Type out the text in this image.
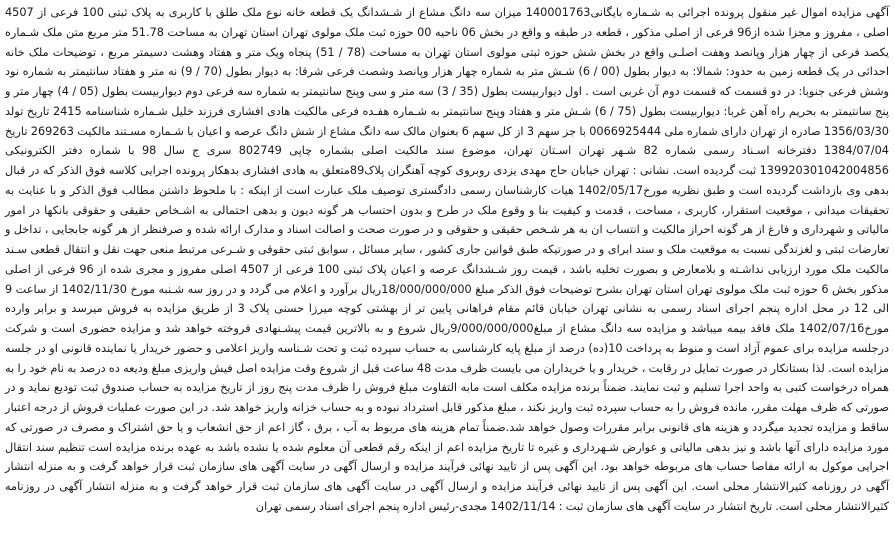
آگهی مزایده اموال غیر منقول پرونده اجرائی به شـماره بایگانی140001763 میزان سه دانگ مشاع از شـشدانگ یک قطعه خانه نوع ملک طلق با کاربری به پلاک ثبتی 100 فرعی از 4507 اصلی ، مفروز و مجزا شده از96 فرعی از اصلی مذکور ، قطعه در طبقه و واقع در بخش 06 ناحیه 00 حوزه ثبت ملک مولوی تهران استان تهران به مساحت 51.78 متر مربع متن ملک شـماره یکصد فرعی از چهار هزار وپانصد وهفت اصلـی واقع در بخش شش حوزه ثبتی مولوی استان تهران به مساحت (78 / 51) پنجاه ویک متر و هفتاد وهشت دسیمتر مربع ، توضیحات ملک خانه احداثی در یک قطعه زمین به حدود: شمالا: به دیوار بطول (00 / 6) شـش متر به شماره چهار هزار وپانصد وشصت فرعی شرقا: به دیوار بطول (70 / 9) نه متر و هفتاد سانتیمتر به شماره نود وشش فرعی جنوبا: در دو قسمت که قسمت دوم آن غربی است . اول دیواربیست بطول (35 / 3) سه متر و سی وپنج سانتیمتر به شماره سه فرعی دوم دیواربیست بطول (05 / 4) چهار متر و پنج سانتیمتر به بحریم راه آهن غربا: دیواربیست بطول (75 / 6) شـش متر و هفتاد وپنج سانتیمتر به شـماره هفـده فرعی مالکیت هادی افشاری فرزند خلیل شـماره شناسنامه 2415 تاریخ تولد 1356/03/30 صادره از تهران دارای شماره ملی 0066925444 با جز سهم 3 از کل سهم 6 بعنوان مالک سه دانگ مشاع از شش دانگ عرصه و اعیان با شـماره مسـتند مالکیت 269263 تاریخ 1384/07/04 دفترخانه اسـناد رسمی شماره 82 شـهر تهران اسـتان تهران، موضوع سند مالکیت اصلی بشماره چاپی 802749 سری ج سال 98 با شماره دفتر الکترونیکی 139920301042004856 ثبت گردیده است. نشانی : تهران خیابان حاج مهدی یزدی روبروی کوچه آهنگران پلاک89متعلق به هادی افشاری بدهکار پرونده اجرایی کلاسه فوق الذکر که در قبال بدهی وی بازداشت گردیده است و طبق نظریه مورخ1402/05/17 هیات کارشناسان رسمی دادگستری توصیف ملک عبارت است از اینکه : با ملحوظ داشتن مطالب فوق الذکر و با عنایت به تحقیقات میدانی ، موقعیت استقرار، کاربری ، مساحت ، قدمت و کیفیت بنا و وقوع ملک در طرح و بدون احتساب هر گونه دیون و بدهی احتمالی به اشـخاص حقیقی و حقوقی بانکها در امور مالیاتی و شهرداری و فارغ از هر گونه احراز مالکیت و انتساب ان به هر شـخص حقیقی و حقوقی و در صورت صحت و اصالت اسناد و مدارک ارائه شده و صرفنظر از هر گونه جابجایی ، تداخل و تعارضات ثبتی و لغزندگی نسبت به موقعیت ملک و سند ابرای و در صورتیکه طبق قوانین جاری کشور ، سایر مسائل ، سوابق ثبتی حقوقی و شـرعی مرتبط منعی جهت نقل و انتقال قطعی سـند مالکیت ملک مورد ارزیابی نداشـته و بلامعارض و بصورت تخلیه باشد ، قیمت روز شـشدانگ عرصه و اعیان پلاک ثبتی 100 فرعی از 4507 اصلی مفروز و مجری شده از 96 فرعی از اصلی مذکور بخش 6 حوزه ثبت ملک مولوی تهران استان تهران بشرح توضیحات فوق الذکر مبلغ 18/000/000/000ریال برآورد و اعلام می گردد و در روز سه شـنبه مورخ 1402/11/30 از ساعت 9 الی 12 در محل اداره پنجم اجرای اسناد رسمی به نشانی تهران خیابان قائم مقام فراهانی پایین تر از بهشتی کوچه میرزا حسنی پلاک 3 از طریق مزایده به فروش میرسد و برابر وارده مورخ1402/07/16 ملک فاقد بیمه میباشد و مزایده سه دانگ مشاع از مبلغ9/000/000/000ریال شروع و به بالاترین قیمت پیشـنهادی فروخته خواهد شد و مزایده حضوری است و شرکت درجلسه مزایده برای عموم آزاد است و منوط به پرداخت 10(ده) درصد از مبلغ پایه کارشناسی به حساب سپرده ثبت و تحت شـناسه واریز اعلامی و حضور خریدار یا نماینده قانونی او در جلسه مزایده است. لذا بستانکار در صورت تمایل در رقابت ، خریدار و یا خریداران می بایست ظرف مدت 48 ساعت قبل از شروع وقت مزایده اصل فیش واریزی مبلغ ودیعه ده درصد به نام خود را به همراه درخواست کتبی به واحد اجرا تسلیم و ثبت نمایند. ضمناً برنده مزایده مکلف است مابه التفاوت مبلغ فروش را ظرف مدت پنج روز از تاریخ مزایده به حساب صندوق ثبت تودیع نماید و در صورتی که ظرف مهلت مقرر، مانده فروش را به حساب سپرده ثبت واریز نکند ، مبلغ مذکور قابل استرداد نبوده و به حساب خزانه واریز خواهد شد. در این صورت عملیات فروش از درجه اعتبار ساقط و مزایده تجدید میگردد و هزینه های قانونی برابر مقررات وصول خواهد شد.ضمناً تمام هزینه های مربوط به آب ، برق ، گاز اعم از حق انشعاب و یا حق اشتراک و مصرف در صورتی که مورد مزایده دارای آنها باشد و نیز بدهی مالیاتی و عوارض شـهرداری و غیره تا تاریخ مزایده اعم از اینکه رقم قطعی آن معلوم شده یا نشده باشد به عهده برنده مزایده است تنظیم سند انتقال اجرایی موکول به ارائه مفاصا حساب های مربوطه خواهد بود. این آگهی پس از تایید نهائی فرآیند مزایده و ارسال آگهی در سایت آگهی های سازمان ثبت قرار خواهد گرفت و به منزله انتشار آگهی در روزنامه کثیرالانتشار محلی است. این آگهی پس از تایید نهائی فرآیند مزایده و ارسال آگهی در سایت آگهی های سازمان ثبت قرار خواهد گرفت و به منزله انتشار آگهی در روزنامه کثیرالانتشار محلی است. تاریخ انتشار در سایت آگهی های سازمان ثبت : 1402/11/14 مجدی-رئیس اداره پنجم اجرای اسناد رسمی تهران
